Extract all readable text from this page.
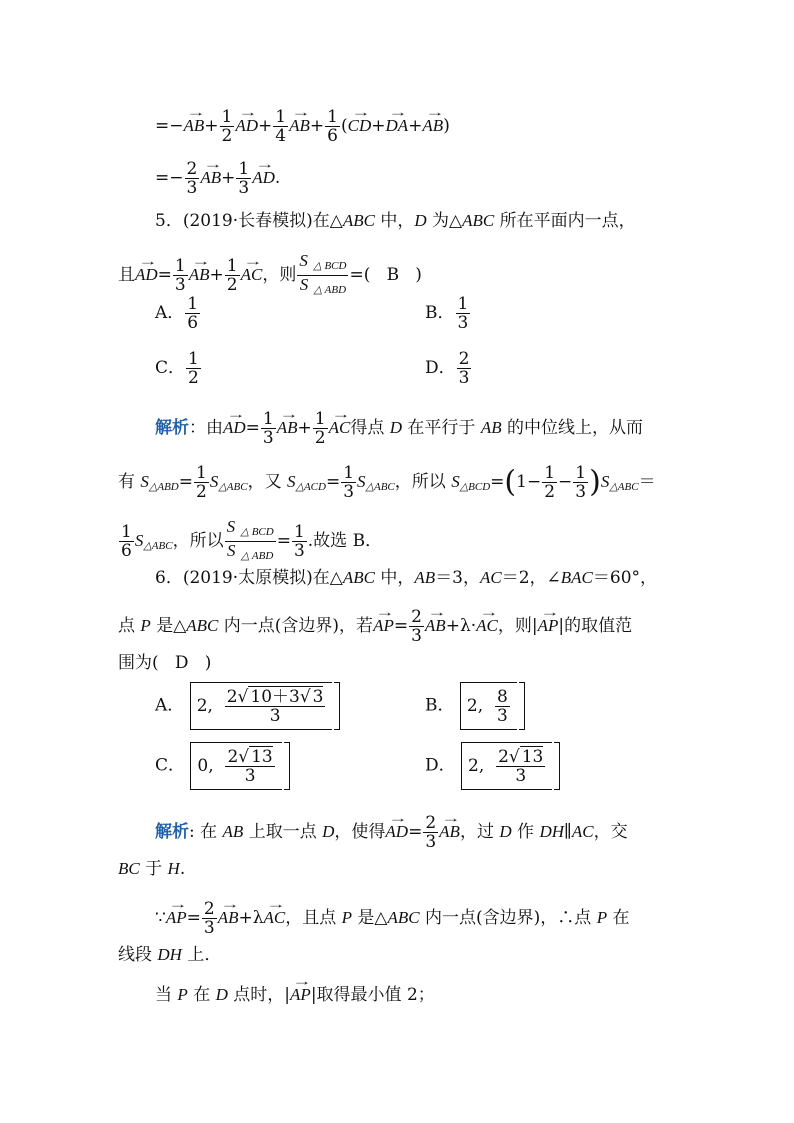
=−→ $AB+ \frac{1}{2}$
→ $AD+ \frac{1}{4}$
→ $AB+ \frac{1}{6}$ (→ CD+→ DA+→ AB)
=− $\frac{2}{3}$
→ $AB+ \frac{1}{3}$
→ AD.
5．(2019·长春模拟)在△ABC 中，D 为△ABC 所在平面内一点，
且→ $AD= \frac{1}{3}$
→ $AB+ \frac{1}{2}$
→ AC，则 $\frac{S _{\triangle BCD}}{S _{\triangle ABD}}$ =(   B   )
A． $\frac{1}{6}$	B． $\frac{1}{3}$
C． $\frac{1}{2}$	D． $\frac{2}{3}$
解析：由→ $AD= \frac{1}{3}$
→ $AB+ \frac{1}{2}$
→ AC得点 D 在平行于 AB 的中位线上，从而
有 $S_{\triangle ABD}= \frac{1}{2} S_{\triangle ABC}$，又 $S_{\triangle ACD}= \frac{1}{3} S_{\triangle ABC}$，所以 $S_{\triangle BCD}=(1- \frac{1}{2} - \frac{1}{3} )S_{\triangle ABC}=$
$\frac{1}{6} S_{\triangle ABC}$，所以 $\frac{S _{\triangle BCD}}{S _{\triangle ABD}} = \frac{1}{3}$ .故选 B．
6．(2019·太原模拟)在△ABC 中，AB＝3，AC＝2，∠BAC＝60°，
点 P 是△ABC 内一点(含边界)，若→ $AP= \frac{2}{3}$
→ AB+λ·→ AC，则|→ AP|的取值范
围为(   D   )
A． 2, $\frac{2√ 10+3√ 3}{3}$	B． 2, $\frac{8}{3}$
C． 0, $\frac{2√ 13}{3}$	D． 2, $\frac{2√ 13}{3}$
解析: 在 AB 上取一点 D，使得→ $AD= \frac{2}{3}$
→ AB，过 D 作 DH∥AC，交
BC 于 H.
∵→ $AP= \frac{2}{3}$
→ AB+λ→ AC，且点 P 是△ABC 内一点(含边界)，∴点 P 在
线段 DH 上．
当 P 在 D 点时，|→ AP|取得最小值 2；
